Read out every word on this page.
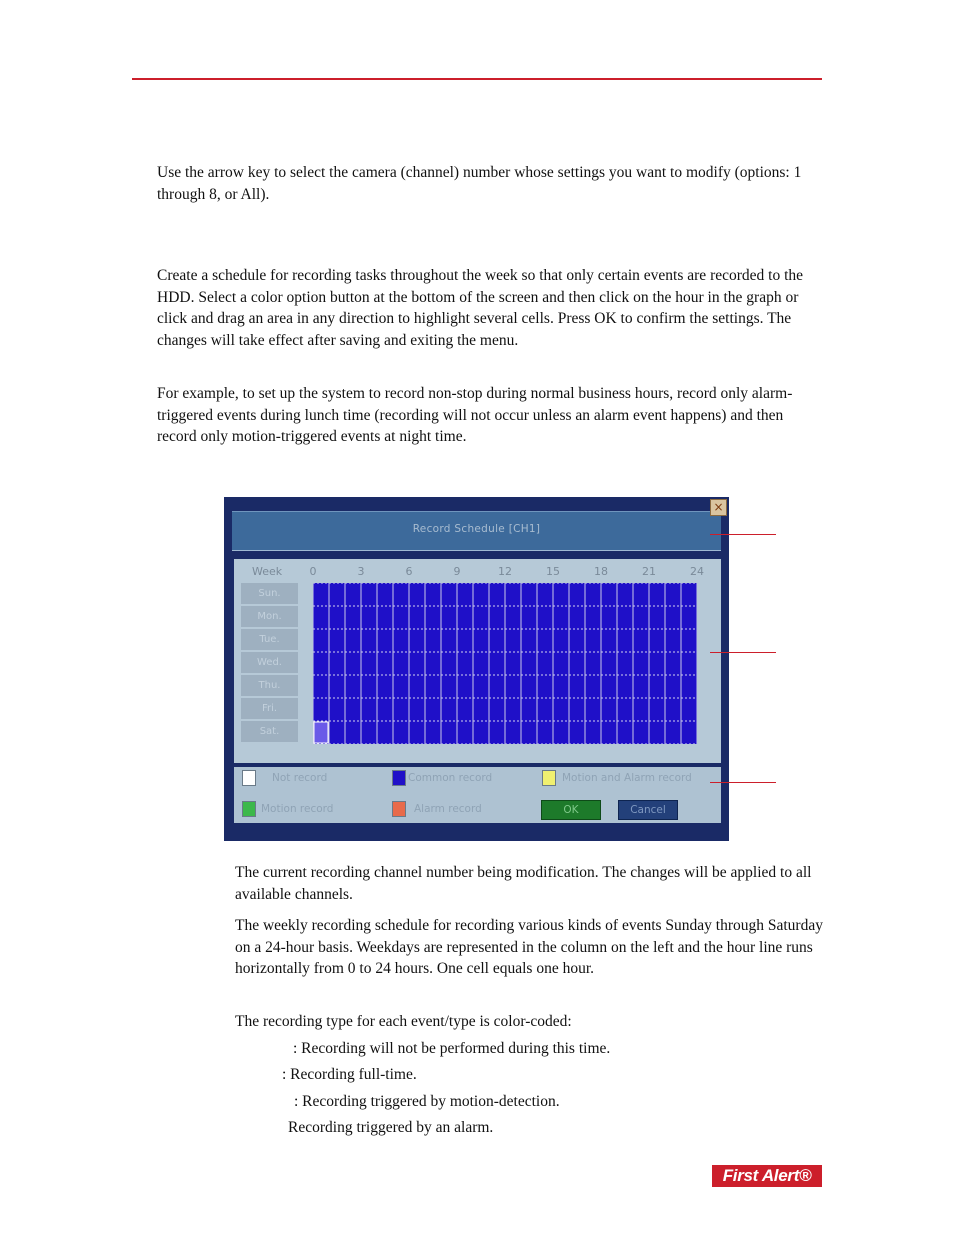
Use the arrow key to select the camera (channel) number whose settings you want to modify (options: 1 through 8, or All).

Create a schedule for recording tasks throughout the week so that only certain events are recorded to the HDD. Select a color option button at the bottom of the screen and then click on the hour in the graph or click and drag an area in any direction to highlight several cells. Press OK to confirm the settings. The changes will take effect after saving and exiting the menu.

For example, to set up the system to record non-stop during normal business hours, record only alarm-triggered events during lunch time (recording will not occur unless an alarm event happens) and then record only motion-triggered events at night time.

Record Schedule [CH1]
×
Week 0	3	6	9	12	15	18	21	24
Sun.
Mon.
Tue.
Wed.
Thu.
Fri.
Sat.
Not record	Common record	Motion and Alarm record
Motion record	Alarm record	OK	Cancel

The current recording channel number being modification. The changes will be applied to all available channels.

The weekly recording schedule for recording various kinds of events Sunday through Saturday on a 24-hour basis. Weekdays are represented in the column on the left and the hour line runs horizontally from 0 to 24 hours. One cell equals one hour.

The recording type for each event/type is color-coded:

: Recording will not be performed during this time.
: Recording full-time.
: Recording triggered by motion-detection.
Recording triggered by an alarm.
First Alert®
